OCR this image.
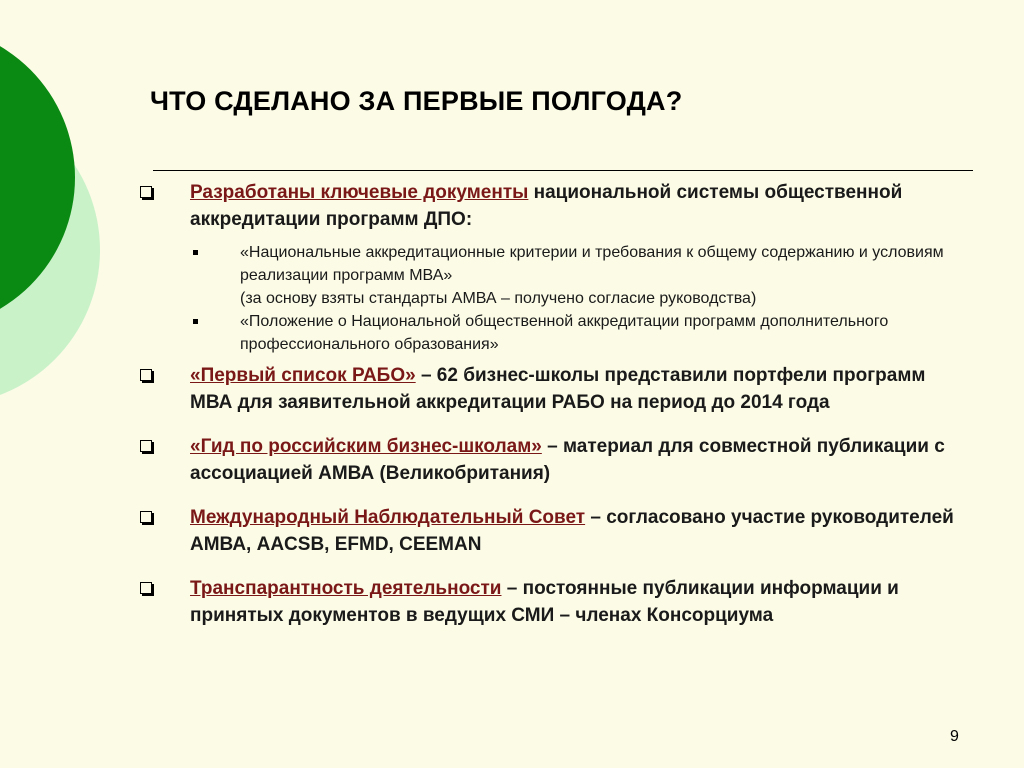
ЧТО СДЕЛАНО ЗА ПЕРВЫЕ ПОЛГОДА?
Разработаны ключевые документы национальной системы общественной аккредитации программ ДПО:
«Национальные аккредитационные критерии и требования к общему содержанию и условиям реализации программ МВА»
(за основу взяты стандарты АМВА – получено согласие руководства)
«Положение о Национальной общественной аккредитации программ дополнительного профессионального образования»
«Первый список РАБО» – 62 бизнес-школы представили портфели программ МВА для заявительной аккредитации РАБО на период до 2014 года
«Гид по российским бизнес-школам» – материал для совместной публикации с ассоциацией АМВА (Великобритания)
Международный Наблюдательный Совет – согласовано участие руководителей АМВА, AACSB, EFMD, CEEMAN
Транспарантность деятельности – постоянные публикации информации и принятых документов в ведущих СМИ – членах Консорциума
9
